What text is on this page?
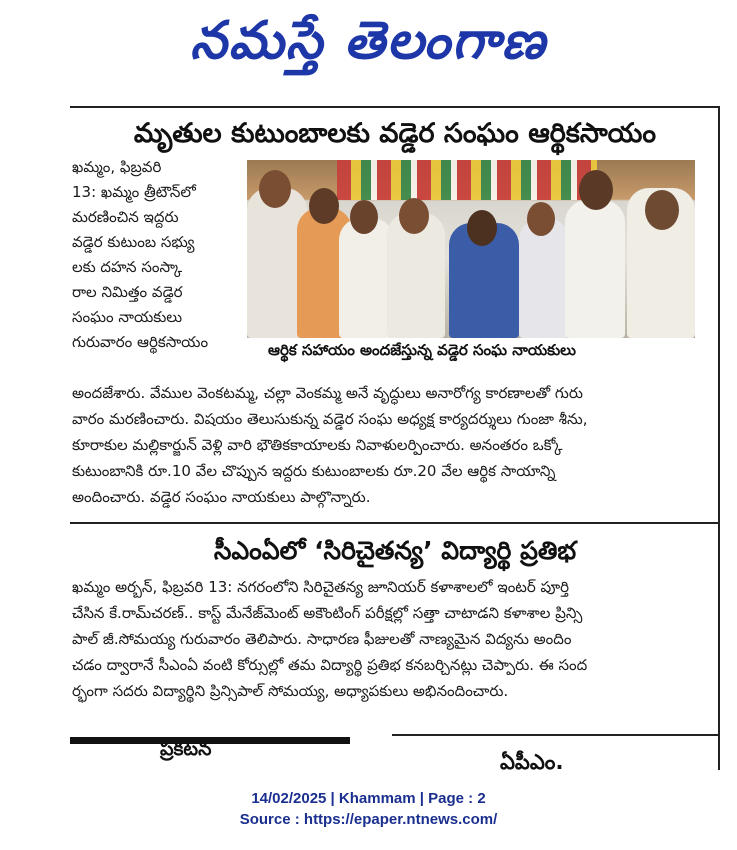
నమస్తే తెలంగాణ
మృతుల కుటుంబాలకు వడ్డెర సంఘం ఆర్థికసాయం
ఖమ్మం, ఫిబ్రవరి
13: ఖమ్మం త్రీటౌన్‌లో
మరణించిన ఇద్దరు
వడ్డెర కుటుంబ సభ్యు
లకు దహన సంస్కా
రాల నిమిత్తం వడ్డెర
సంఘం నాయకులు
గురువారం ఆర్థికసాయం	ఆర్థిక సహాయం అందజేస్తున్న వడ్డెర సంఘ నాయకులు
అందజేశారు. వేముల వెంకటమ్మ, చల్లా వెంకమ్మ అనే వృద్ధులు అనారోగ్య కారణాలతో గురు
వారం మరణించారు. విషయం తెలుసుకున్న వడ్డెర సంఘ అధ్యక్ష కార్యదర్శులు గుంజా శీను,
కూరాకుల మల్లికార్జున్ వెళ్లి వారి భౌతికకాయాలకు నివాళులర్పించారు. అనంతరం ఒక్కో
కుటుంబానికి రూ.10 వేల చొప్పున ఇద్దరు కుటుంబాలకు రూ.20 వేల ఆర్థిక సాయాన్ని
అందించారు. వడ్డెర సంఘం నాయకులు పాల్గొన్నారు.
సీఎంఏలో ‘సిరిచైతన్య’ విద్యార్థి ప్రతిభ
ఖమ్మం అర్బన్, ఫిబ్రవరి 13: నగరంలోని సిరిచైతన్య జూనియర్ కళాశాలలో ఇంటర్ పూర్తి
చేసిన కే.రామ్‌చరణ్.. కాస్ట్ మేనేజ్‌మెంట్ అకౌంటింగ్ పరీక్షల్లో సత్తా చాటాడని కళాశాల ప్రిన్సి
పాల్ జీ.సోమయ్య గురువారం తెలిపారు. సాధారణ ఫీజులతో నాణ్యమైన విద్యను అందిం
చడం ద్వారానే సీఎంఏ వంటి కోర్సుల్లో తమ విద్యార్థి ప్రతిభ కనబర్చినట్లు చెప్పారు. ఈ సంద
ర్భంగా సదరు విద్యార్థిని ప్రిన్సిపాల్ సోమయ్య, అధ్యాపకులు అభినందించారు.
ప్రకటన
ఏపీఎం.
14/02/2025 | Khammam | Page : 2
Source : https://epaper.ntnews.com/
